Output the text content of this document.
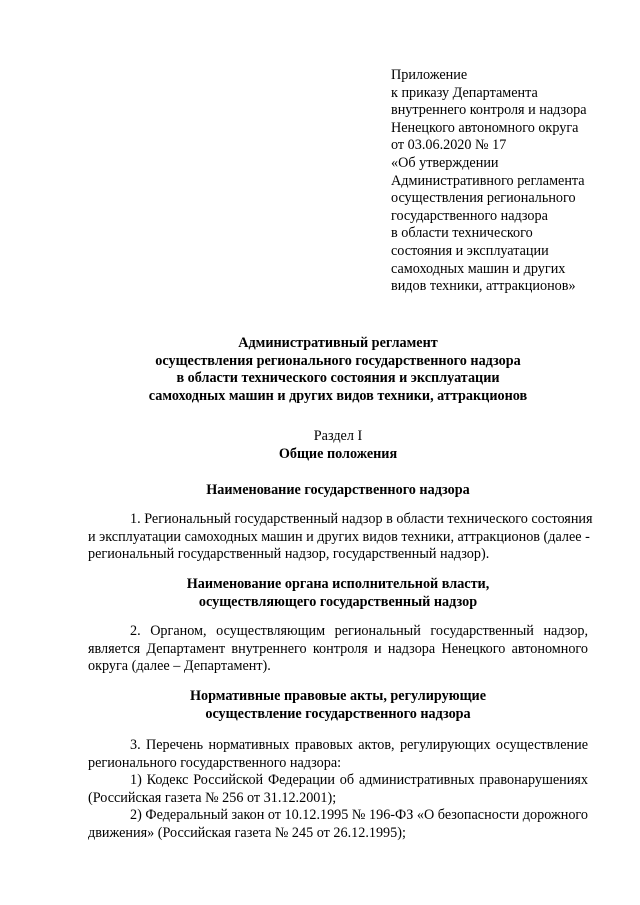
Приложение
к приказу Департамента
внутреннего контроля и надзора
Ненецкого автономного округа
от 03.06.2020 № 17
«Об утверждении
Административного регламента
осуществления регионального
государственного надзора
в области технического
состояния и эксплуатации
самоходных машин и других
видов техники, аттракционов»
Административный регламент
осуществления регионального государственного надзора
в области технического состояния и эксплуатации
самоходных машин и других видов техники, аттракционов
Раздел I
Общие положения
Наименование государственного надзора
1. Региональный государственный надзор в области технического состояния
и эксплуатации самоходных машин и других видов техники, аттракционов (далее -
региональный государственный надзор, государственный надзор).
Наименование органа исполнительной власти,
осуществляющего государственный надзор
2. Органом, осуществляющим региональный государственный надзор,
является Департамент внутреннего контроля и надзора Ненецкого автономного
округа (далее – Департамент).
Нормативные правовые акты, регулирующие
осуществление государственного надзора
3. Перечень нормативных правовых актов, регулирующих осуществление
регионального государственного надзора:
1) Кодекс Российской Федерации об административных правонарушениях
(Российская газета № 256 от 31.12.2001);
2) Федеральный закон от 10.12.1995 № 196-ФЗ «О безопасности дорожного
движения» (Российская газета № 245 от 26.12.1995);
